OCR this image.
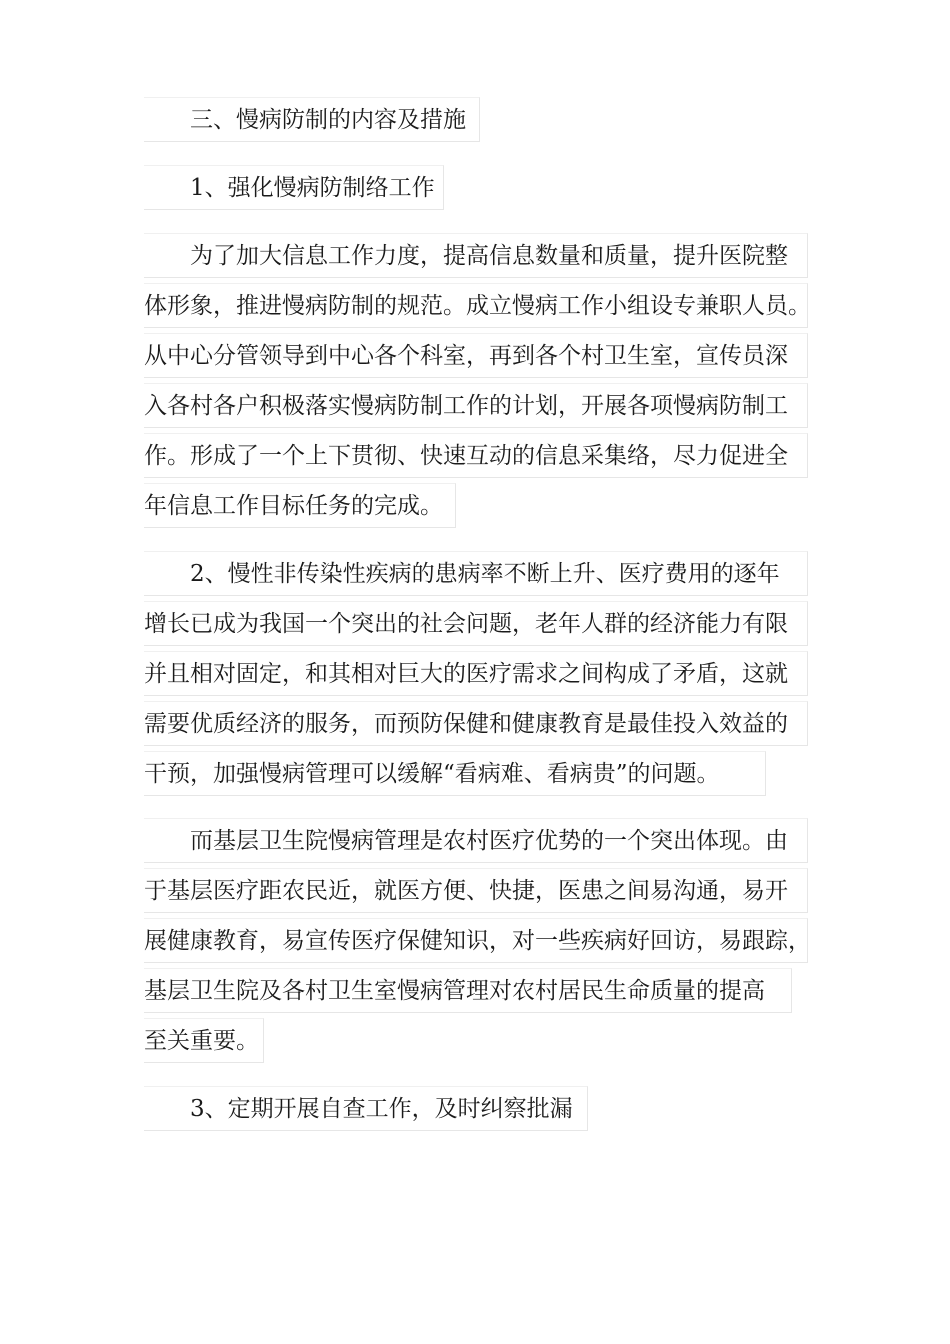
三、慢病防制的内容及措施
1、强化慢病防制络工作
为了加大信息工作力度，提高信息数量和质量，提升医院整
体形象，推进慢病防制的规范。成立慢病工作小组设专兼职人员。
从中心分管领导到中心各个科室，再到各个村卫生室，宣传员深
入各村各户积极落实慢病防制工作的计划，开展各项慢病防制工
作。形成了一个上下贯彻、快速互动的信息采集络，尽力促进全
年信息工作目标任务的完成。
2、慢性非传染性疾病的患病率不断上升、医疗费用的逐年
增长已成为我国一个突出的社会问题，老年人群的经济能力有限
并且相对固定，和其相对巨大的医疗需求之间构成了矛盾，这就
需要优质经济的服务，而预防保健和健康教育是最佳投入效益的
干预，加强慢病管理可以缓解“看病难、看病贵”的问题。
而基层卫生院慢病管理是农村医疗优势的一个突出体现。由
于基层医疗距农民近，就医方便、快捷，医患之间易沟通，易开
展健康教育，易宣传医疗保健知识，对一些疾病好回访，易跟踪，
基层卫生院及各村卫生室慢病管理对农村居民生命质量的提高
至关重要。
3、定期开展自查工作，及时纠察批漏
